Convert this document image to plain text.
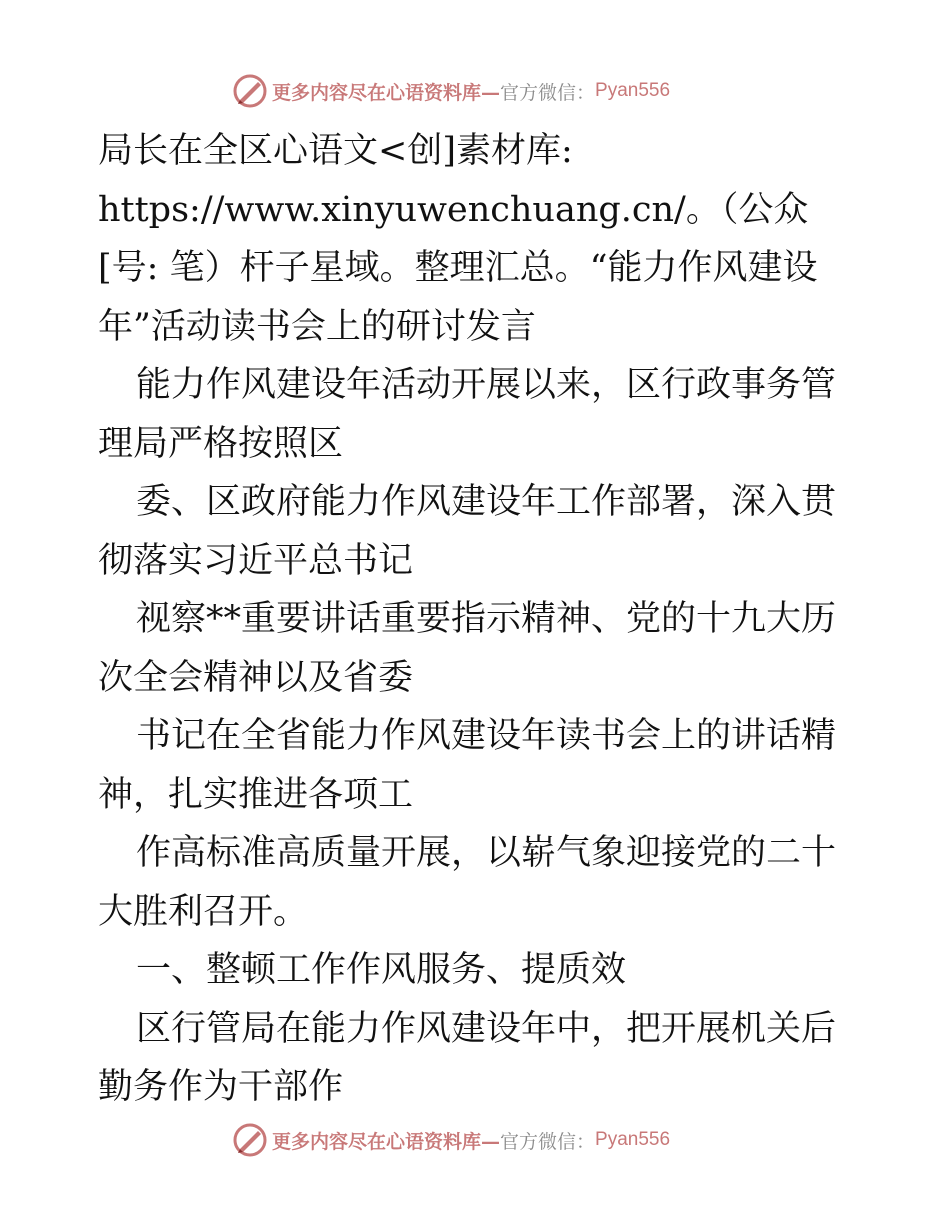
更多内容尽在心语资料库— 官方微信： Pyan556

局长在全区心语文<创]素材库: https://www.xinyuwenchuang.cn/。（公众[号: 笔）杆子星域。整理汇总。“能力作风建设年”活动读书会上的研讨发言

能力作风建设年活动开展以来，区行政事务管理局严格按照区

委、区政府能力作风建设年工作部署，深入贯彻落实习近平总书记

视察**重要讲话重要指示精神、党的十九大历次全会精神以及省委

书记在全省能力作风建设年读书会上的讲话精神，扎实推进各项工

作高标准高质量开展，以崭气象迎接党的二十大胜利召开。

一、整顿工作作风服务、提质效

区行管局在能力作风建设年中，把开展机关后勤务作为干部作

更多内容尽在心语资料库— 官方微信： Pyan556
